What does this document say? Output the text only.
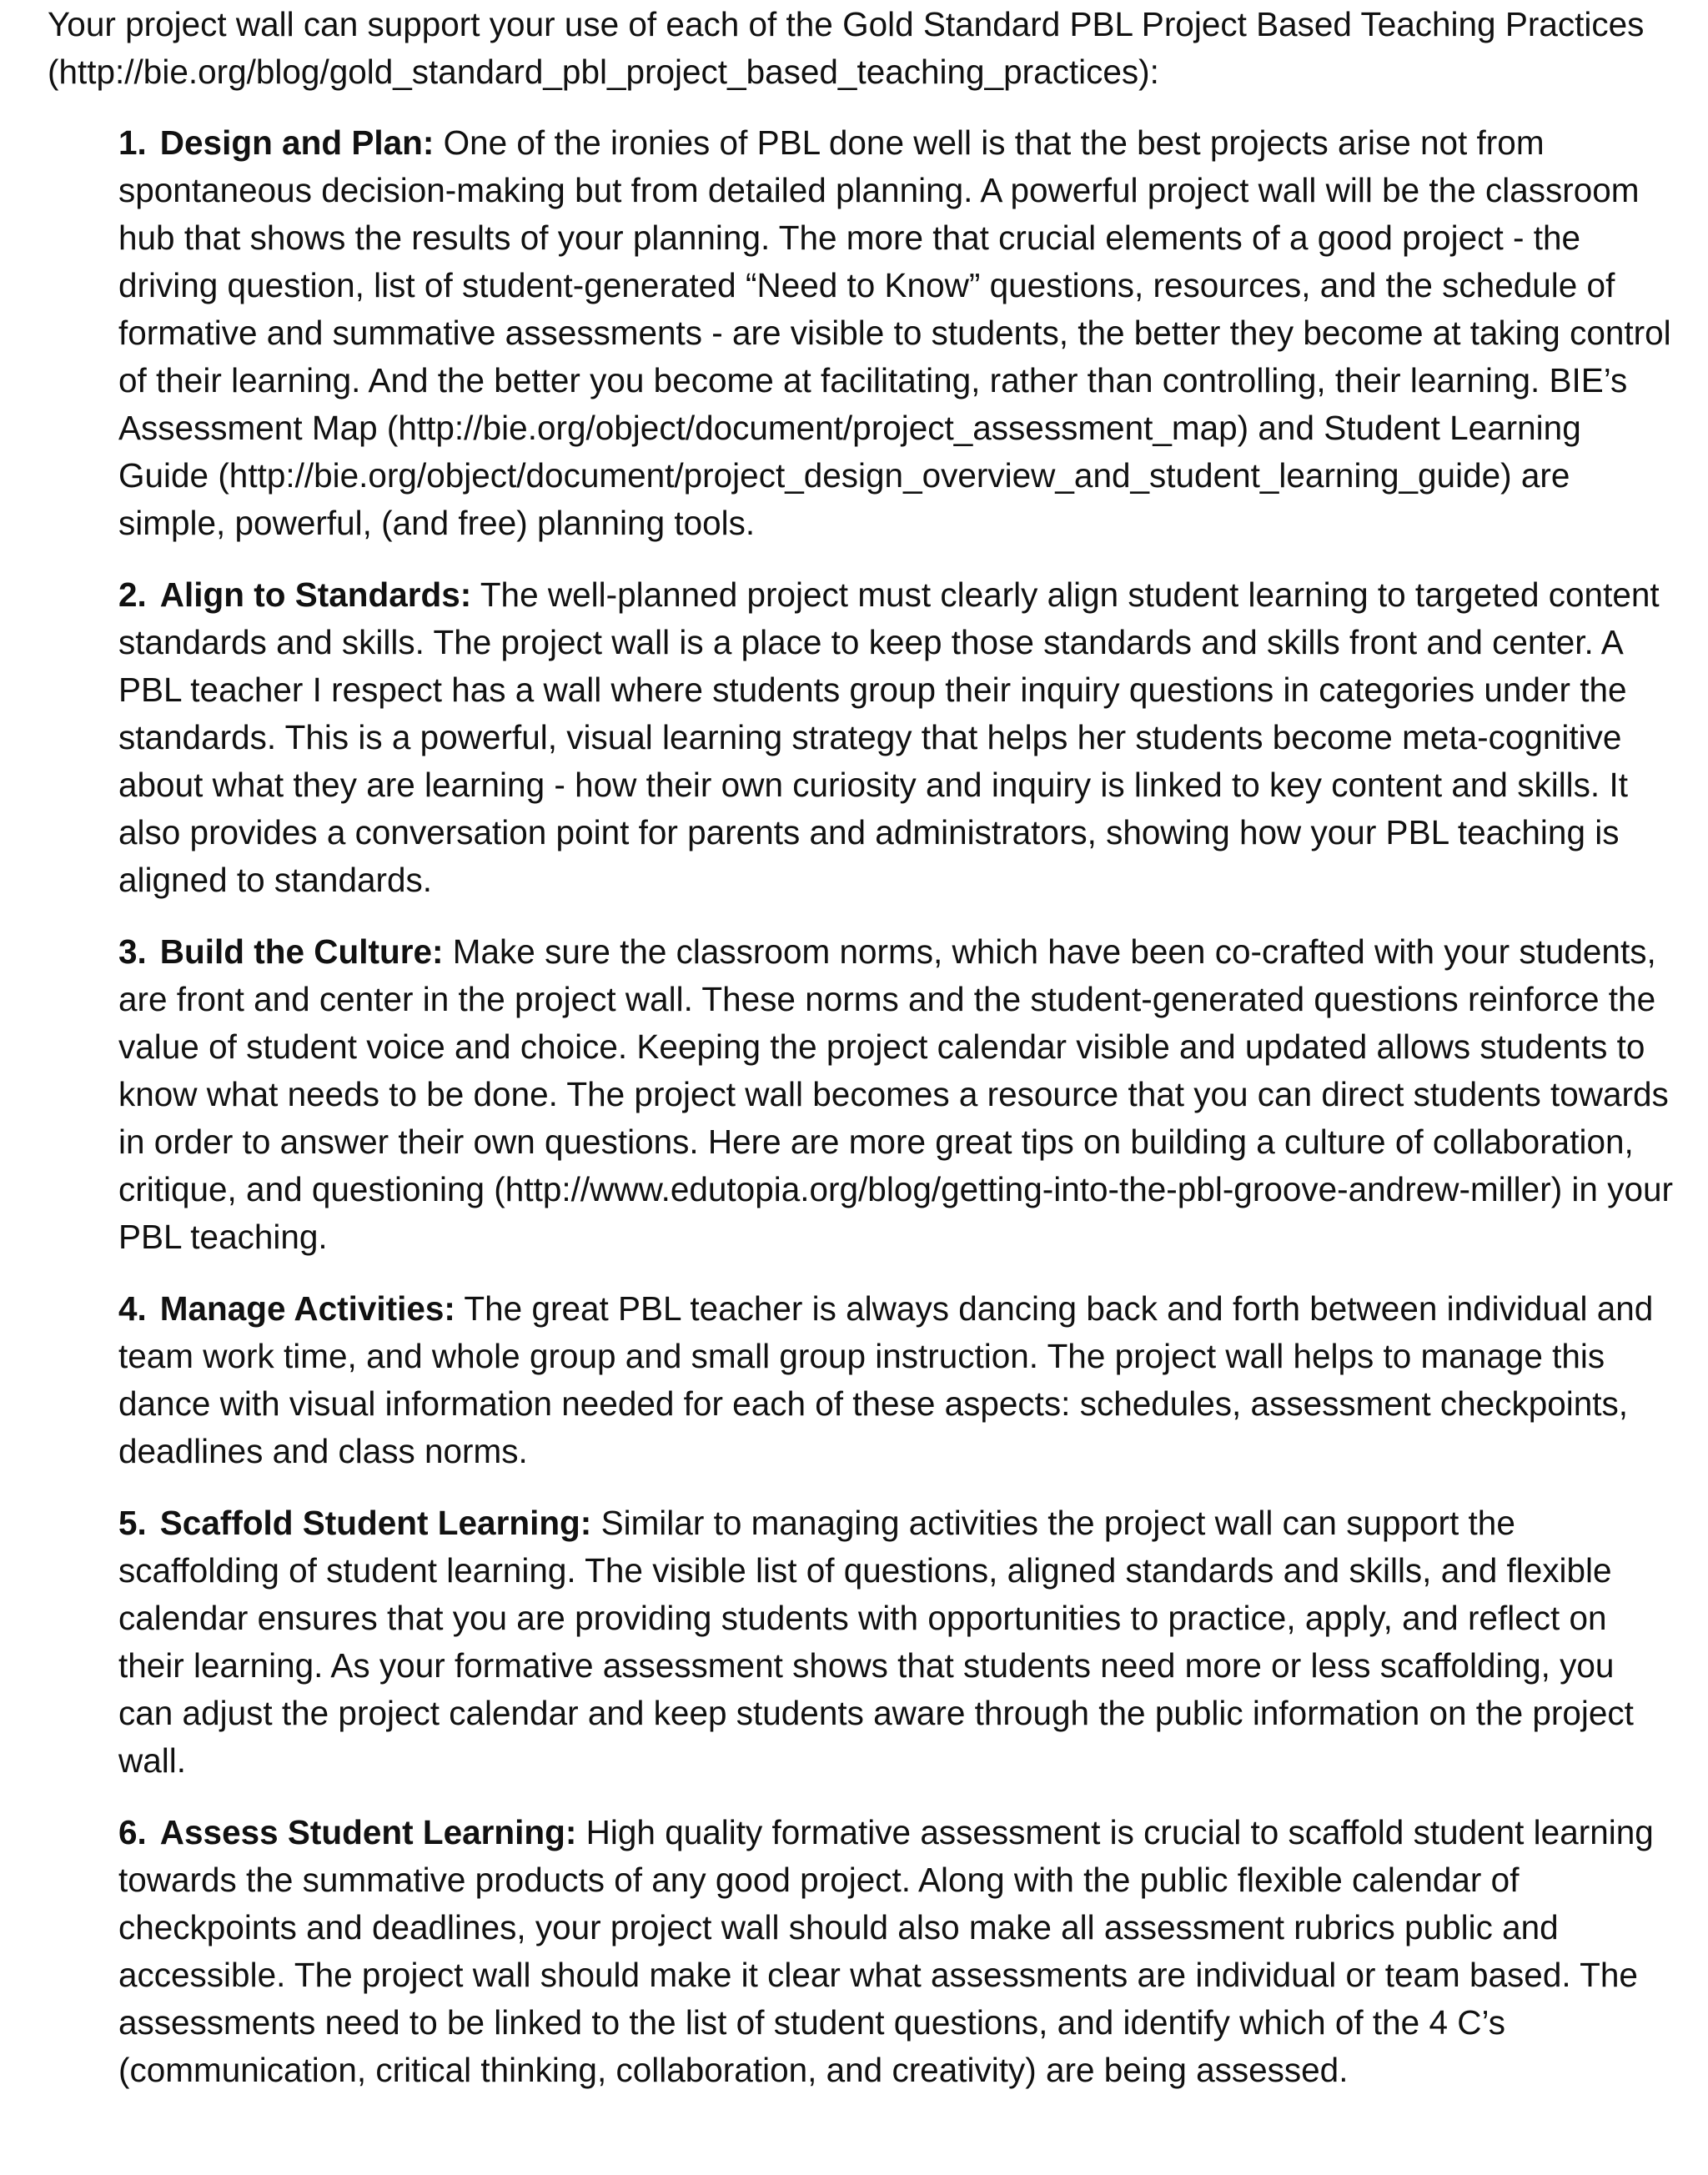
Your project wall can support your use of each of the Gold Standard PBL Project Based Teaching Practices (http://bie.org/blog/gold_standard_pbl_project_based_teaching_practices):

1. Design and Plan: One of the ironies of PBL done well is that the best projects arise not from spontaneous decision-making but from detailed planning. A powerful project wall will be the classroom hub that shows the results of your planning. The more that crucial elements of a good project - the driving question, list of student-generated “Need to Know” questions, resources, and the schedule of formative and summative assessments - are visible to students, the better they become at taking control of their learning. And the better you become at facilitating, rather than controlling, their learning. BIE’s Assessment Map (http://bie.org/object/document/project_assessment_map) and Student Learning Guide (http://bie.org/object/document/project_design_overview_and_student_learning_guide) are simple, powerful, (and free) planning tools.
2. Align to Standards: The well-planned project must clearly align student learning to targeted content standards and skills. The project wall is a place to keep those standards and skills front and center. A PBL teacher I respect has a wall where students group their inquiry questions in categories under the standards. This is a powerful, visual learning strategy that helps her students become meta-cognitive about what they are learning - how their own curiosity and inquiry is linked to key content and skills. It also provides a conversation point for parents and administrators, showing how your PBL teaching is aligned to standards.
3. Build the Culture: Make sure the classroom norms, which have been co-crafted with your students, are front and center in the project wall. These norms and the student-generated questions reinforce the value of student voice and choice. Keeping the project calendar visible and updated allows students to know what needs to be done. The project wall becomes a resource that you can direct students towards in order to answer their own questions. Here are more great tips on building a culture of collaboration, critique, and questioning (http://www.edutopia.org/blog/getting-into-the-pbl-groove-andrew-miller) in your PBL teaching.
4. Manage Activities: The great PBL teacher is always dancing back and forth between individual and team work time, and whole group and small group instruction. The project wall helps to manage this dance with visual information needed for each of these aspects: schedules, assessment checkpoints, deadlines and class norms.
5. Scaffold Student Learning: Similar to managing activities the project wall can support the scaffolding of student learning. The visible list of questions, aligned standards and skills, and flexible calendar ensures that you are providing students with opportunities to practice, apply, and reflect on their learning. As your formative assessment shows that students need more or less scaffolding, you can adjust the project calendar and keep students aware through the public information on the project wall.
6. Assess Student Learning: High quality formative assessment is crucial to scaffold student learning towards the summative products of any good project. Along with the public flexible calendar of checkpoints and deadlines, your project wall should also make all assessment rubrics public and accessible. The project wall should make it clear what assessments are individual or team based. The assessments need to be linked to the list of student questions, and identify which of the 4 C’s (communication, critical thinking, collaboration, and creativity) are being assessed.
